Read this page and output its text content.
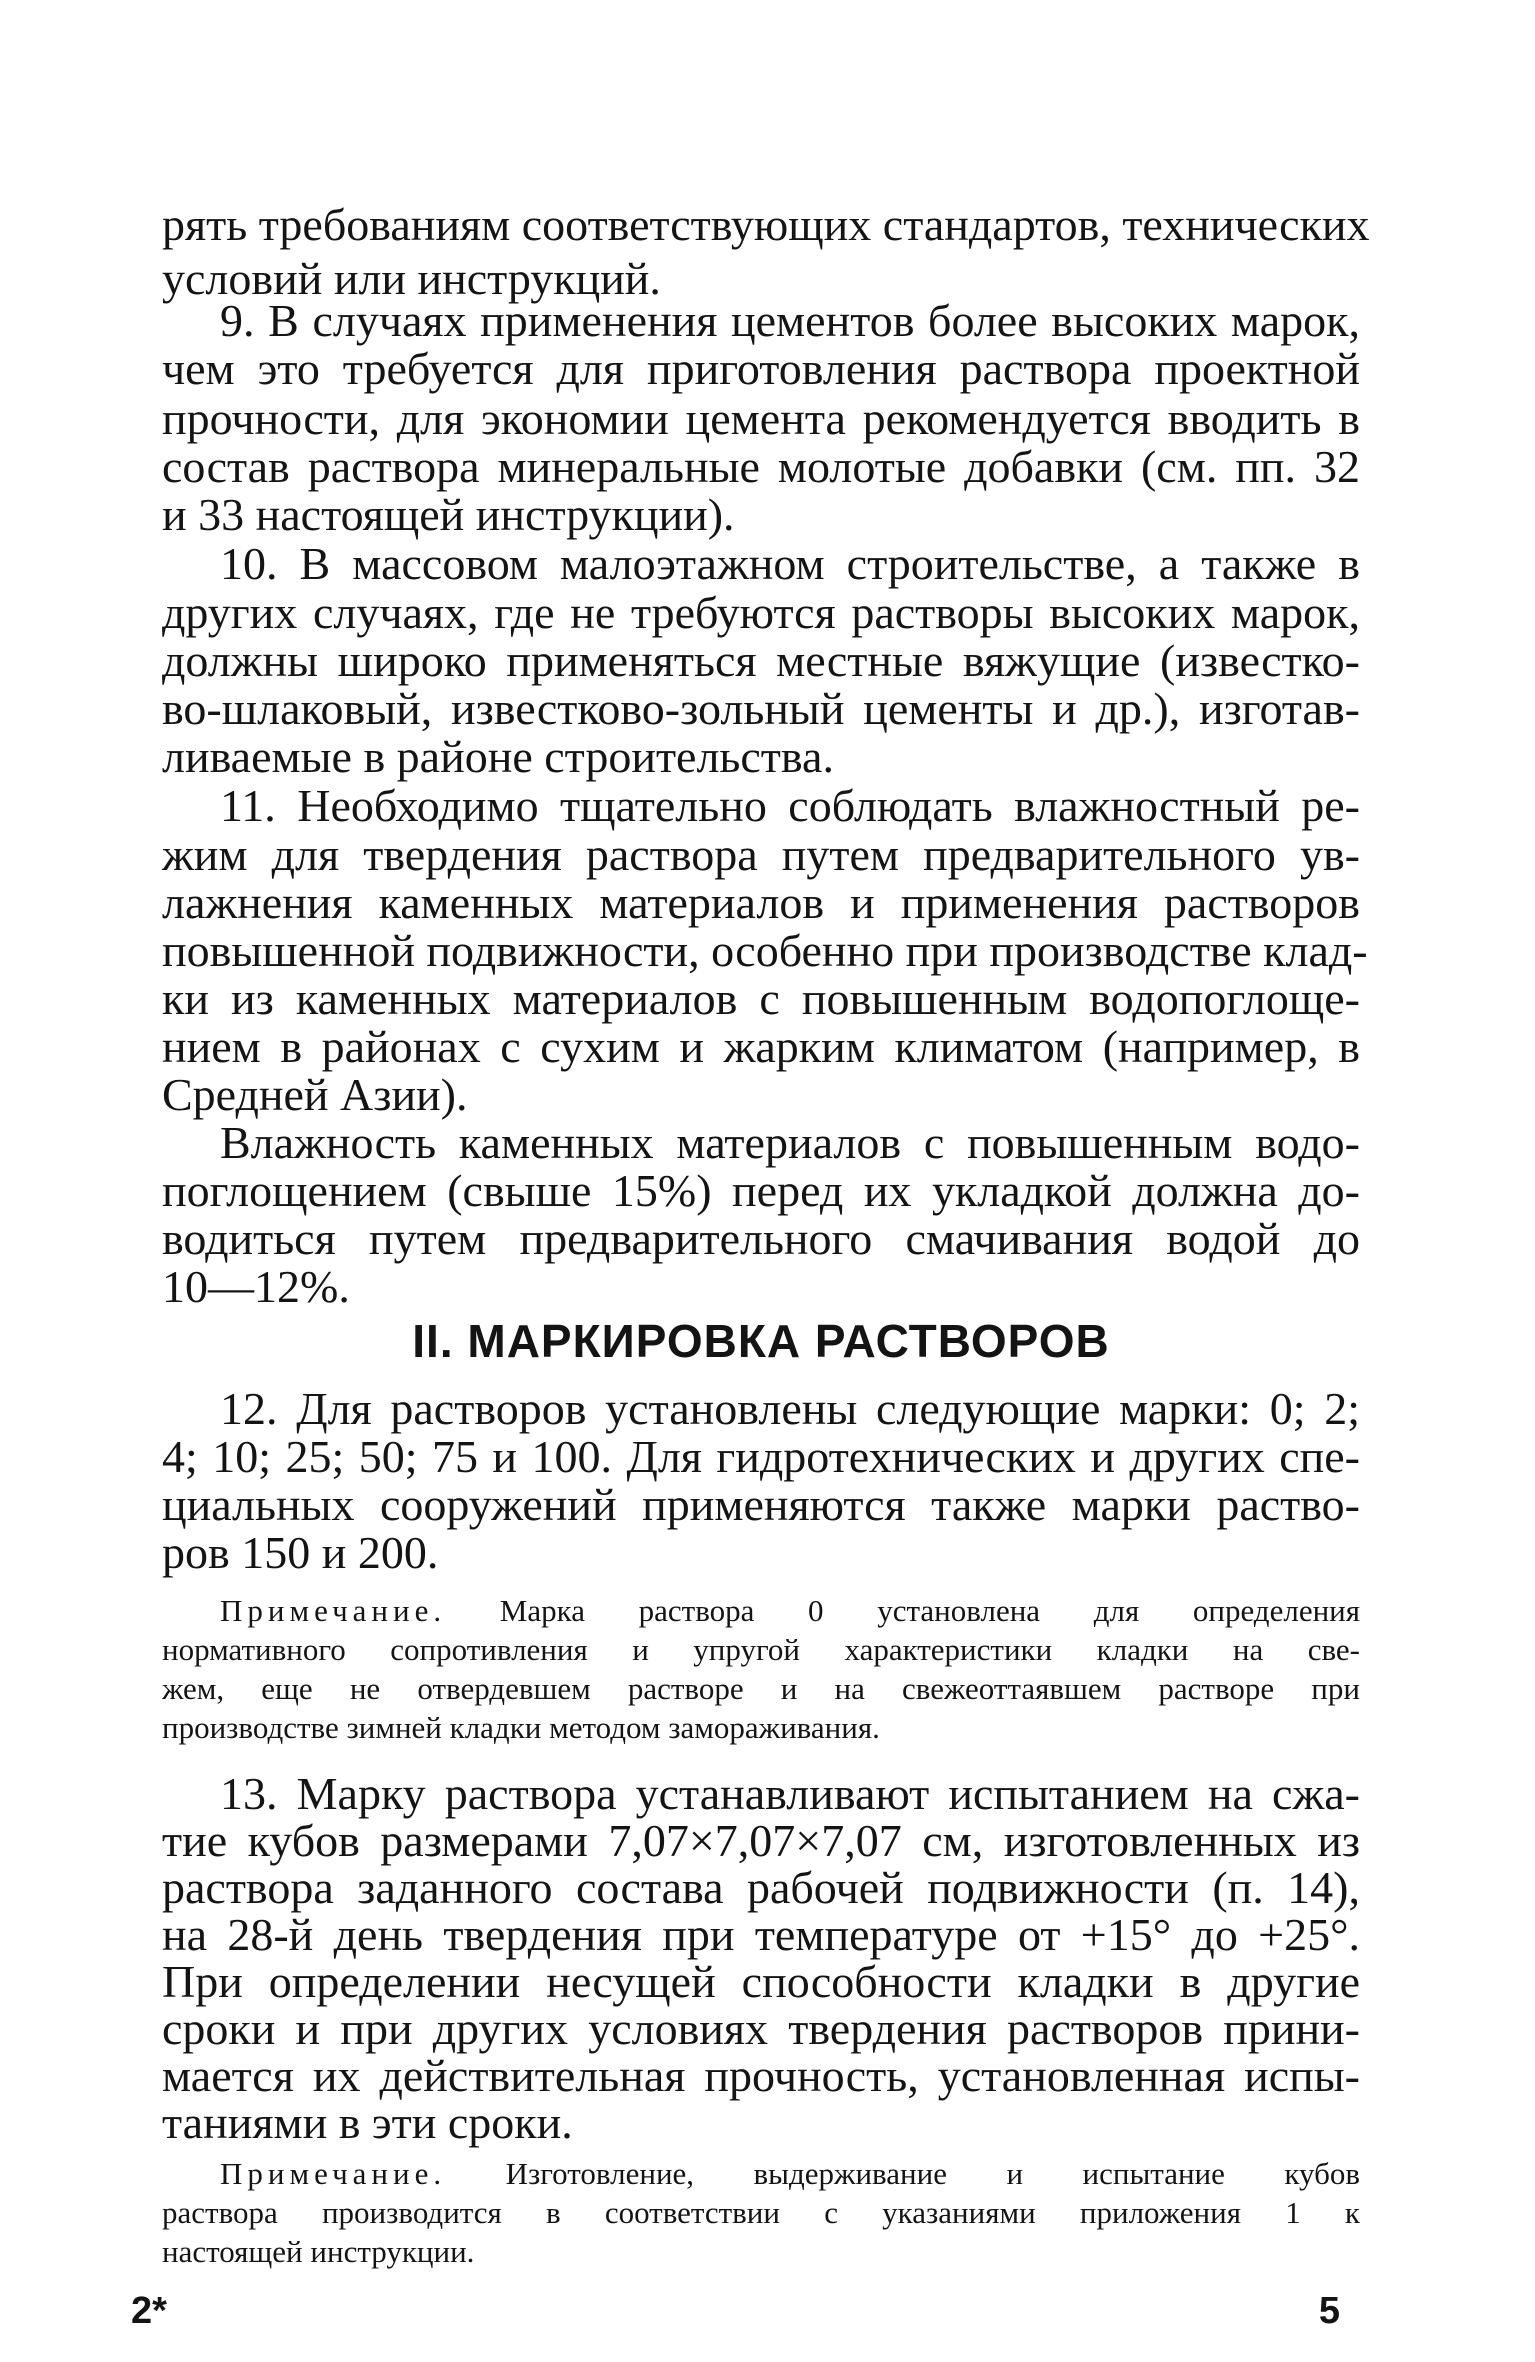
рять требованиям соответствующих стандартов, технических
условий или инструкций.
9. В случаях применения цементов более высоких марок,
чем это требуется для приготовления раствора проектной
прочности, для экономии цемента рекомендуется вводить в
состав раствора минеральные молотые добавки (см. пп. 32
и 33 настоящей инструкции).
10. В массовом малоэтажном строительстве, а также в
других случаях, где не требуются растворы высоких марок,
должны широко применяться местные вяжущие (известко-
во-шлаковый, известково-зольный цементы и др.), изготав-
ливаемые в районе строительства.
11. Необходимо тщательно соблюдать влажностный ре-
жим для твердения раствора путем предварительного ув-
лажнения каменных материалов и применения растворов
повышенной подвижности, особенно при производстве клад-
ки из каменных материалов с повышенным водопоглоще-
нием в районах с сухим и жарким климатом (например, в
Средней Азии).
Влажность каменных материалов с повышенным водо-
поглощением (свыше 15%) перед их укладкой должна до-
водиться путем предварительного смачивания водой до
10—12%.
II. МАРКИРОВКА РАСТВОРОВ
12. Для растворов установлены следующие марки: 0; 2;
4; 10; 25; 50; 75 и 100. Для гидротехнических и других спе-
циальных сооружений применяются также марки раство-
ров 150 и 200.
Примечание. Марка раствора 0 установлена для определения
нормативного сопротивления и упругой характеристики кладки на све-
жем, еще не отвердевшем растворе и на свежеоттаявшем растворе при
производстве зимней кладки методом замораживания.
13. Марку раствора устанавливают испытанием на сжа-
тие кубов размерами 7,07×7,07×7,07 см, изготовленных из
раствора заданного состава рабочей подвижности (п. 14),
на 28-й день твердения при температуре от +15° до +25°.
При определении несущей способности кладки в другие
сроки и при других условиях твердения растворов прини-
мается их действительная прочность, установленная испы-
таниями в эти сроки.
Примечание. Изготовление, выдерживание и испытание кубов
раствора производится в соответствии с указаниями приложения 1 к
настоящей инструкции.
2*	5
